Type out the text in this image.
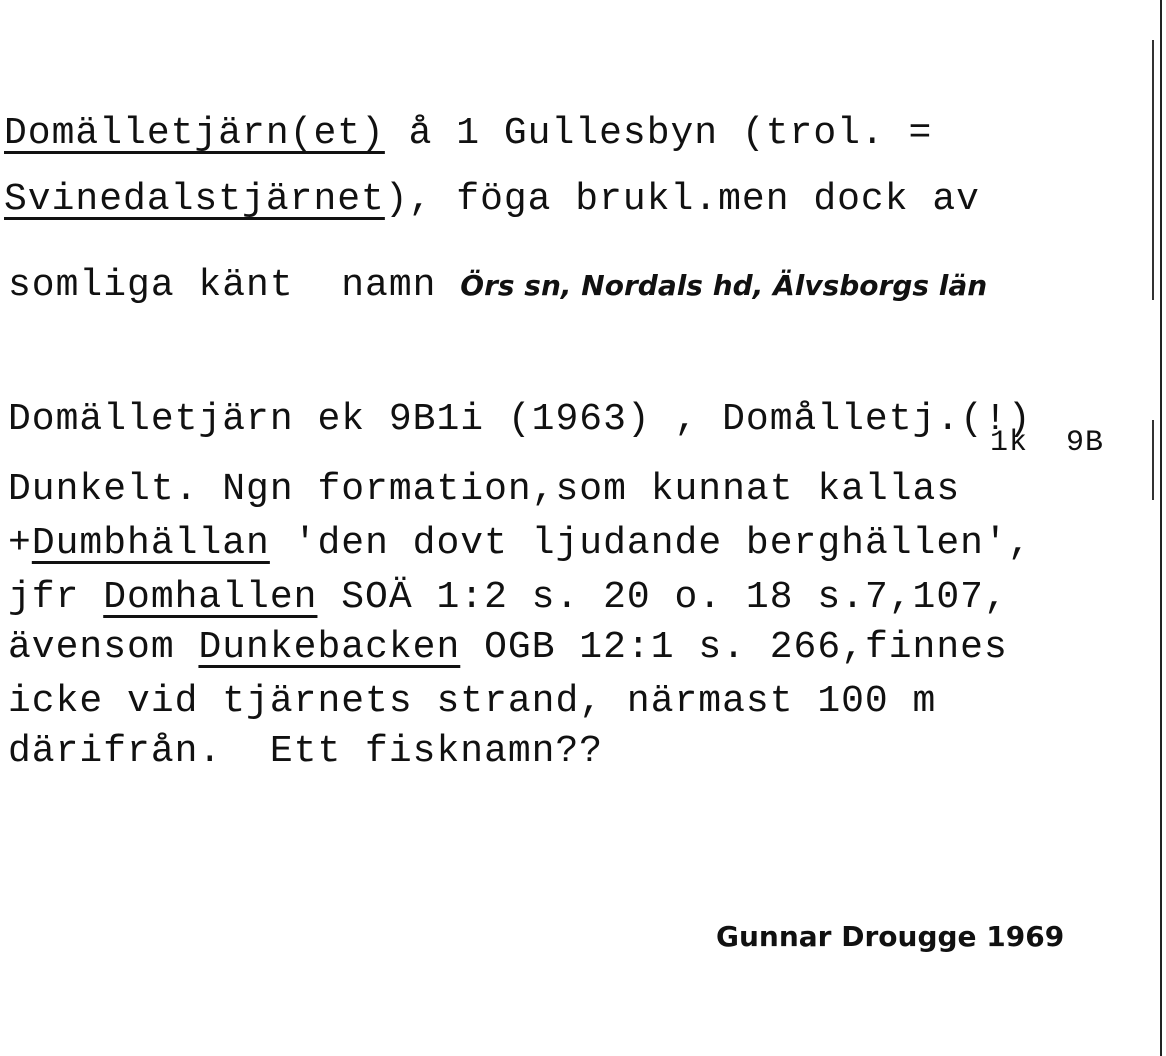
Domälletjärn(et) å 1 Gullesbyn (trol. =
Svinedalstjärnet), föga brukl.men dock av
somliga känt  namn Örs sn, Nordals hd, Älvsborgs län
Domälletjärn ek 9B1i (1963) , Domålletj.(!)
1k  9B
Dunkelt. Ngn formation,som kunnat kallas
+Dumbhällan 'den dovt ljudande berghällen',
jfr Domhallen SOÄ 1:2 s. 20 o. 18 s.7,107,
ävensom Dunkebacken OGB 12:1 s. 266,finnes
icke vid tjärnets strand, närmast 100 m
därifrån.  Ett fisknamn??
Gunnar Drougge 1969
